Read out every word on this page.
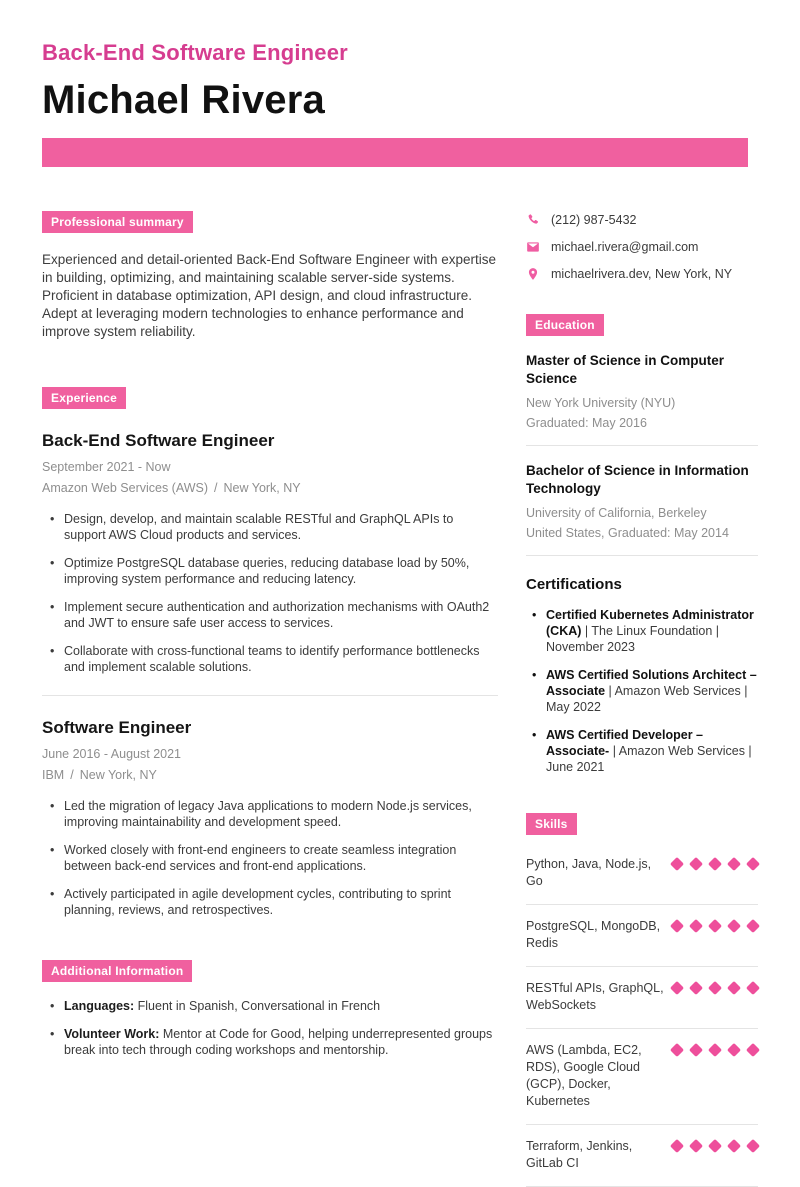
Back-End Software Engineer
Michael Rivera
Professional summary

Experienced and detail-oriented Back-End Software Engineer with expertise in building, optimizing, and maintaining scalable server-side systems. Proficient in database optimization, API design, and cloud infrastructure. Adept at leveraging modern technologies to enhance performance and improve system reliability.

Experience
Back-End Software Engineer
September 2021 - Now
Amazon Web Services (AWS) / New York, NY
• Design, develop, and maintain scalable RESTful and GraphQL APIs to support AWS Cloud products and services.
• Optimize PostgreSQL database queries, reducing database load by 50%, improving system performance and reducing latency.
• Implement secure authentication and authorization mechanisms with OAuth2 and JWT to ensure safe user access to services.
• Collaborate with cross-functional teams to identify performance bottlenecks and implement scalable solutions.
Software Engineer
June 2016 - August 2021
IBM / New York, NY
• Led the migration of legacy Java applications to modern Node.js services, improving maintainability and development speed.
• Worked closely with front-end engineers to create seamless integration between back-end services and front-end applications.
• Actively participated in agile development cycles, contributing to sprint planning, reviews, and retrospectives.
Additional Information
• Languages: Fluent in Spanish, Conversational in French
• Volunteer Work: Mentor at Code for Good, helping underrepresented groups break into tech through coding workshops and mentorship.
(212) 987-5432
michael.rivera@gmail.com
michaelrivera.dev, New York, NY
Education
Master of Science in Computer Science
New York University (NYU)
Graduated: May 2016
Bachelor of Science in Information Technology
University of California, Berkeley
United States, Graduated: May 2014
Certifications
• Certified Kubernetes Administrator (CKA) | The Linux Foundation | November 2023
• AWS Certified Solutions Architect – Associate | Amazon Web Services | May 2022
• AWS Certified Developer – Associate- | Amazon Web Services | June 2021
Skills
Python, Java, Node.js, Go
PostgreSQL, MongoDB, Redis
RESTful APIs, GraphQL, WebSockets
AWS (Lambda, EC2, RDS), Google Cloud (GCP), Docker, Kubernetes
Terraform, Jenkins, GitLab CI
